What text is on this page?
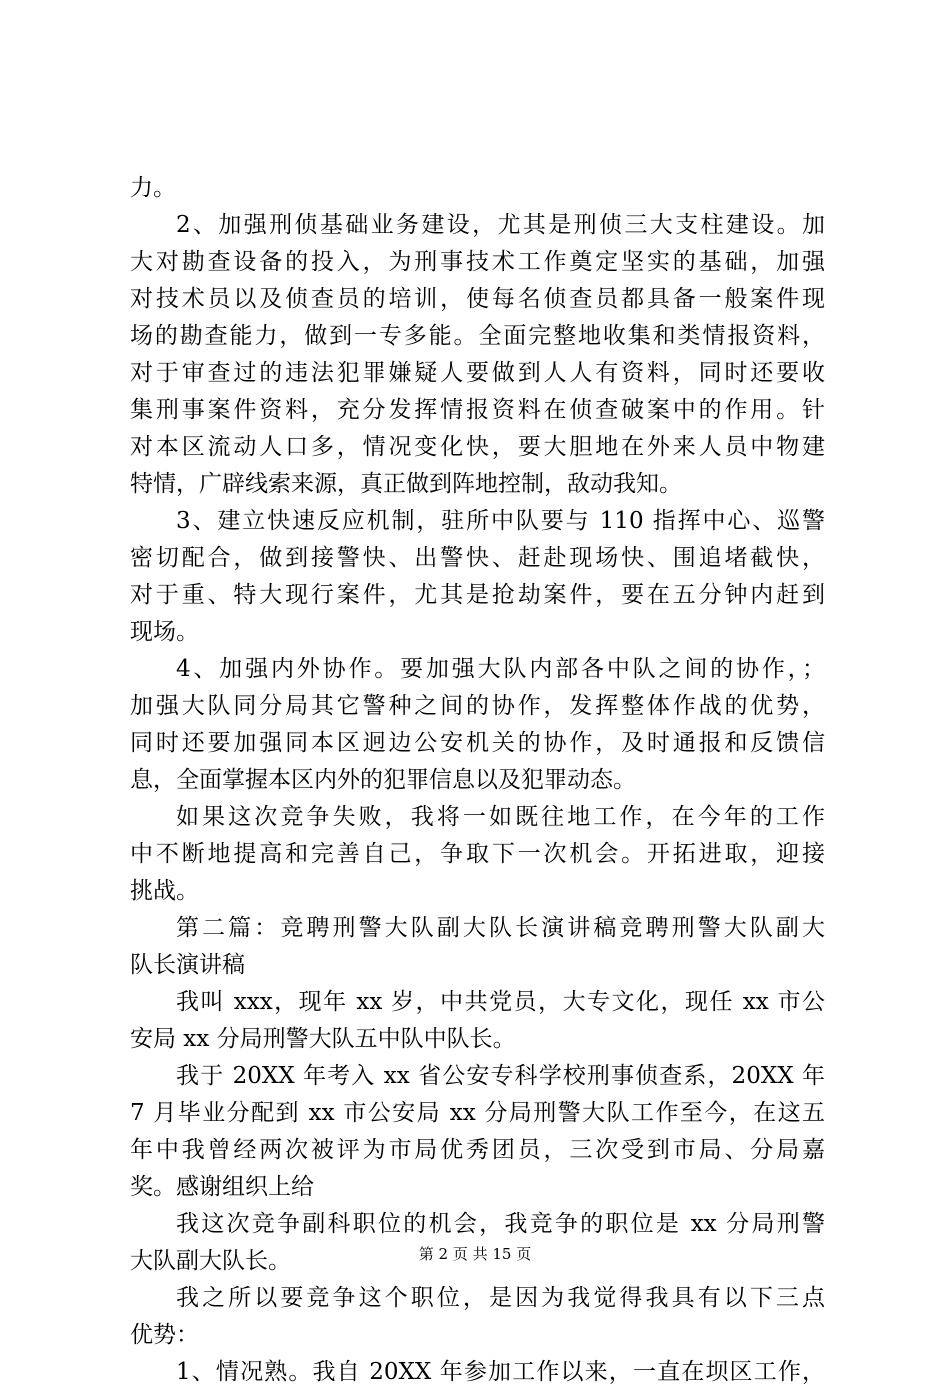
力。
2、加强刑侦基础业务建设，尤其是刑侦三大支柱建设。加
大对勘查设备的投入，为刑事技术工作奠定坚实的基础，加强
对技术员以及侦查员的培训，使每名侦查员都具备一般案件现
场的勘查能力，做到一专多能。全面完整地收集和类情报资料，
对于审查过的违法犯罪嫌疑人要做到人人有资料，同时还要收
集刑事案件资料，充分发挥情报资料在侦查破案中的作用。针
对本区流动人口多，情况变化快，要大胆地在外来人员中物建
特情，广辟线索来源，真正做到阵地控制，敌动我知。
3、建立快速反应机制，驻所中队要与 110 指挥中心、巡警
密切配合，做到接警快、出警快、赶赴现场快、围追堵截快，
对于重、特大现行案件，尤其是抢劫案件，要在五分钟内赶到
现场。
4、加强内外协作。要加强大队内部各中队之间的协作，；
加强大队同分局其它警种之间的协作，发挥整体作战的优势，
同时还要加强同本区迥边公安机关的协作，及时通报和反馈信
息，全面掌握本区内外的犯罪信息以及犯罪动态。
如果这次竞争失败，我将一如既往地工作，在今年的工作
中不断地提高和完善自己，争取下一次机会。开拓进取，迎接
挑战。
第二篇：竞聘刑警大队副大队长演讲稿竞聘刑警大队副大
队长演讲稿
我叫 xxx，现年 xx 岁，中共党员，大专文化，现任 xx 市公
安局 xx 分局刑警大队五中队中队长。
我于 20XX 年考入 xx 省公安专科学校刑事侦查系，20XX 年
7 月毕业分配到 xx 市公安局 xx 分局刑警大队工作至今，在这五
年中我曾经两次被评为市局优秀团员，三次受到市局、分局嘉
奖。感谢组织上给
我这次竞争副科职位的机会，我竞争的职位是 xx 分局刑警
大队副大队长。
我之所以要竞争这个职位，是因为我觉得我具有以下三点
优势：
1、情况熟。我自 20XX 年参加工作以来，一直在坝区工作，
第 2 页 共 15 页
